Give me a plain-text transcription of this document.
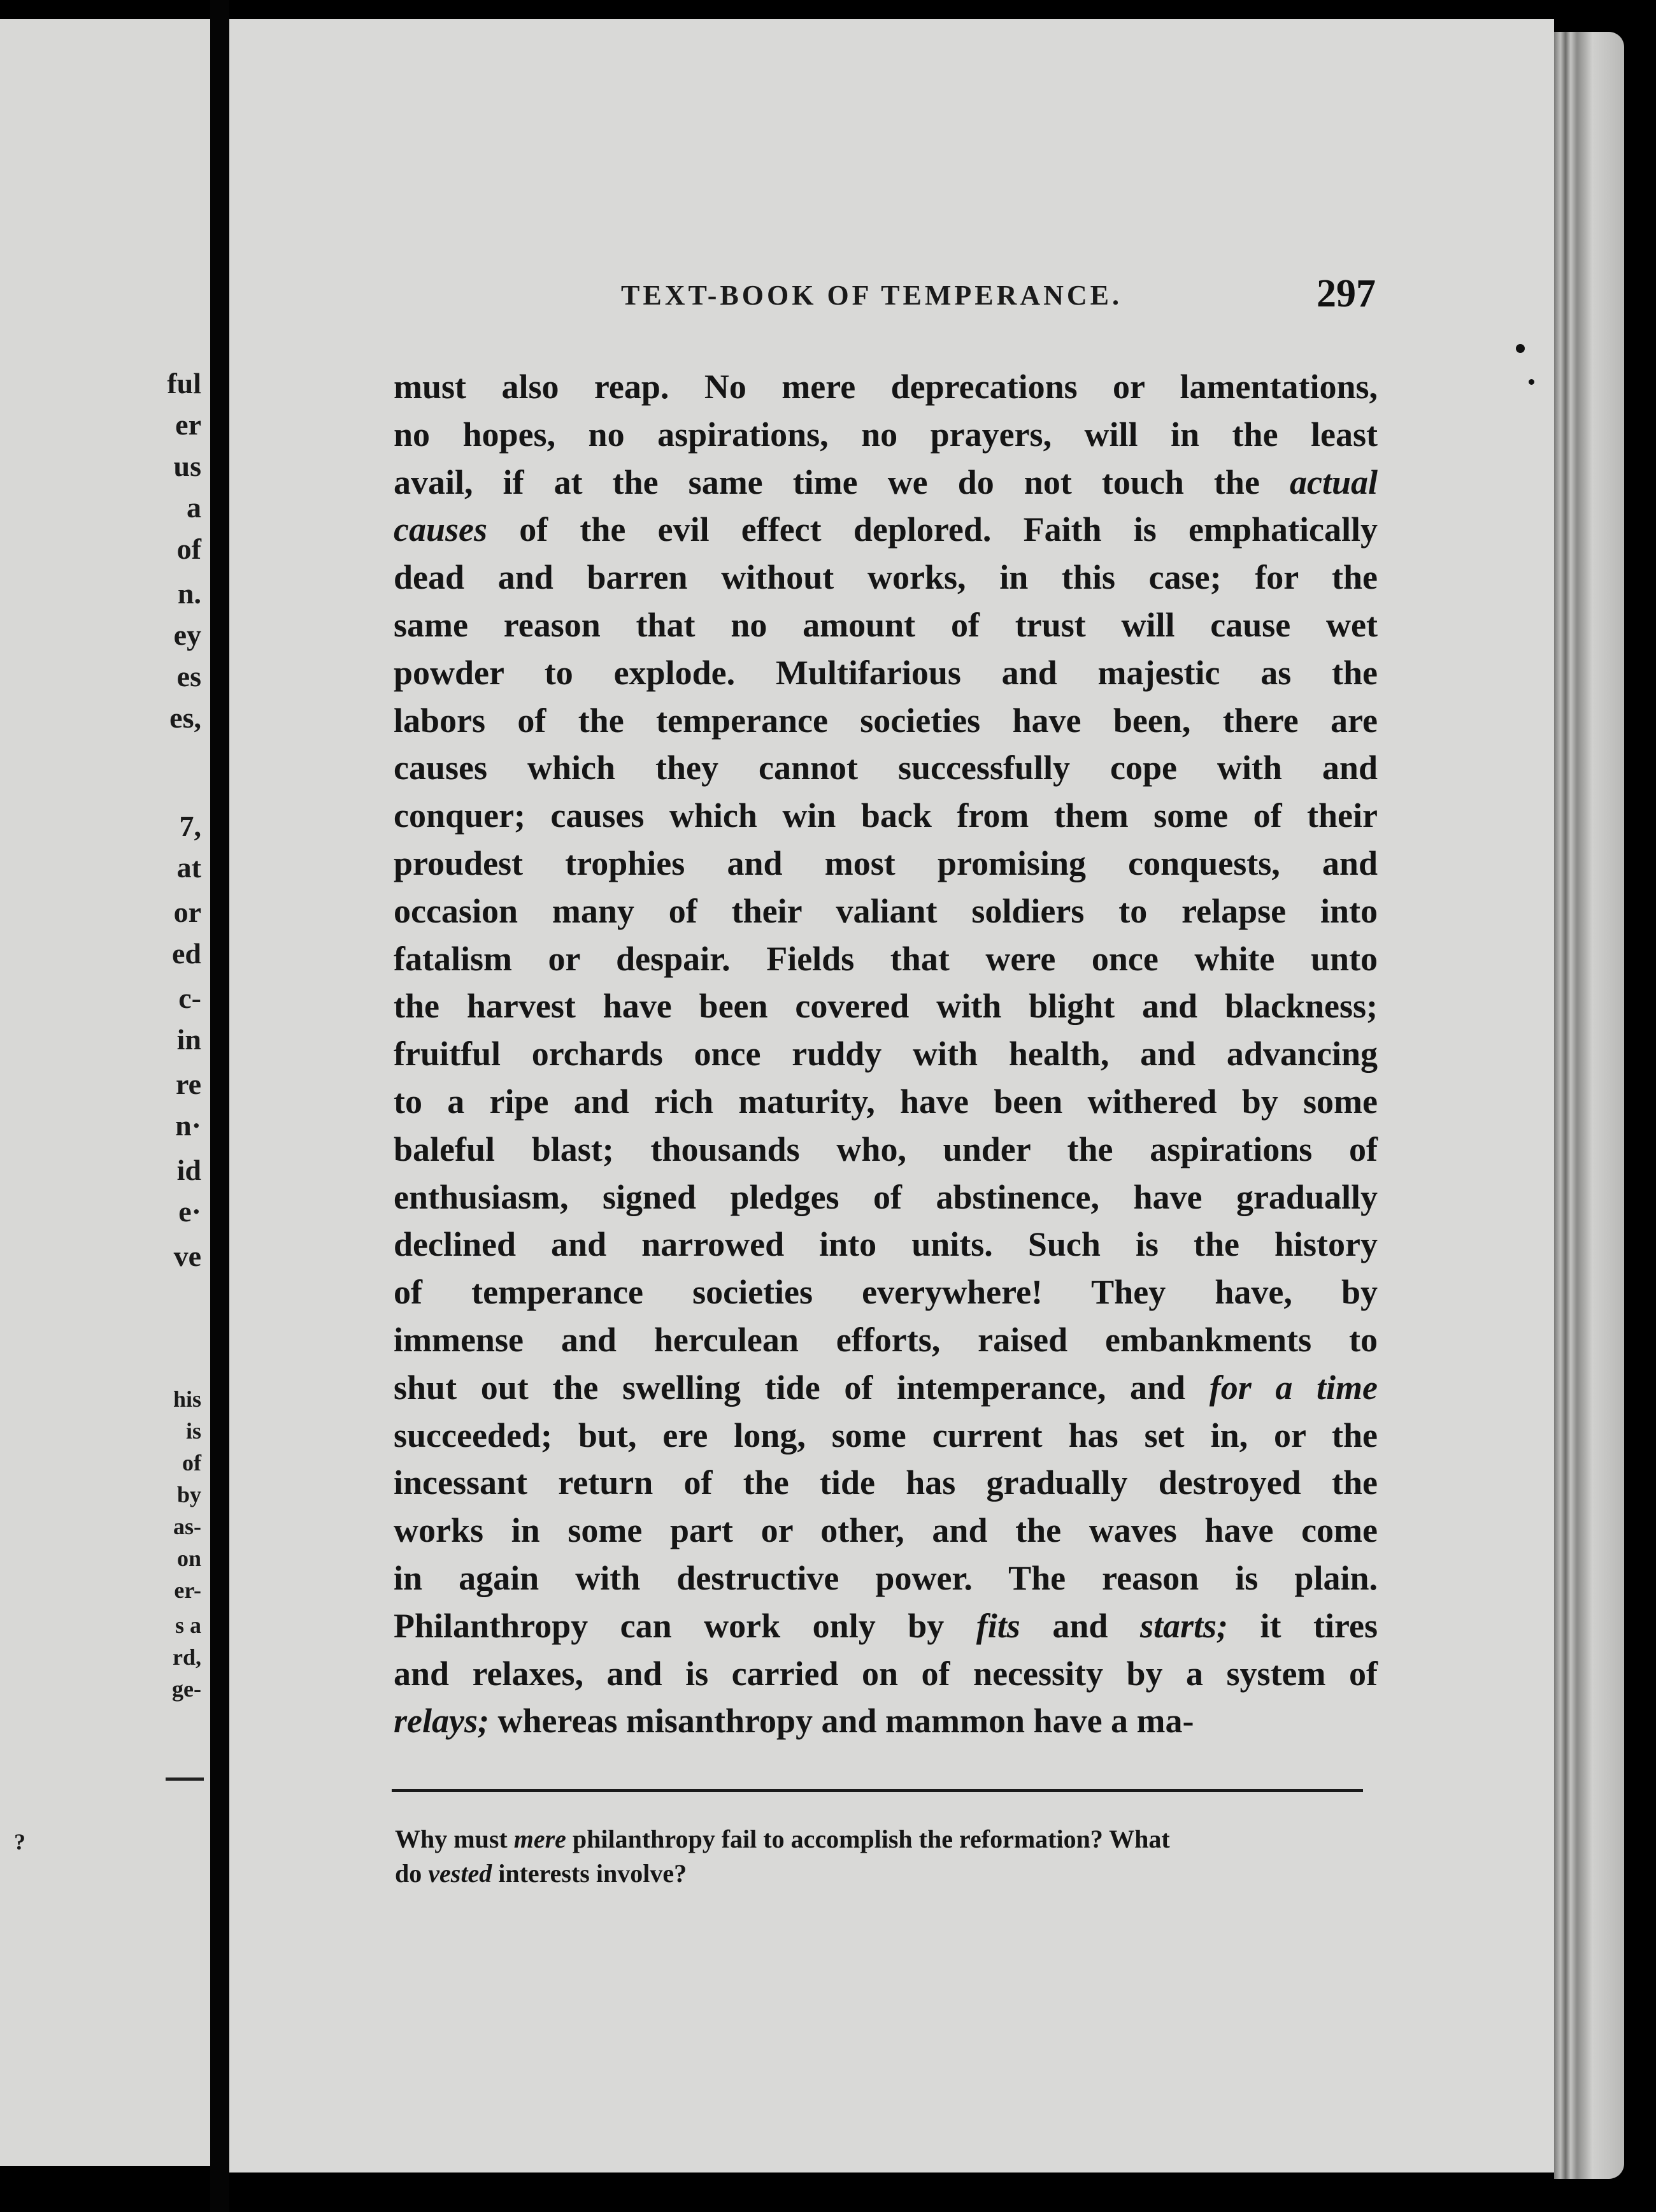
ful
er
us
a
of
n.
ey
es
es,
7,
at
or
ed
c-
in
re
n·
id
e·
ve
his
is
of
by
as-
on
er-
s a
rd,
ge-
?
TEXT-BOOK OF TEMPERANCE.	297
must also reap. No mere deprecations or lamentations,
no hopes, no aspirations, no prayers, will in the least
avail, if at the same time we do not touch the actual
causes of the evil effect deplored. Faith is emphatically
dead and barren without works, in this case; for the
same reason that no amount of trust will cause wet
powder to explode. Multifarious and majestic as the
labors of the temperance societies have been, there are
causes which they cannot successfully cope with and
conquer; causes which win back from them some of their
proudest trophies and most promising conquests, and
occasion many of their valiant soldiers to relapse into
fatalism or despair. Fields that were once white unto
the harvest have been covered with blight and blackness;
fruitful orchards once ruddy with health, and advancing
to a ripe and rich maturity, have been withered by some
baleful blast; thousands who, under the aspirations of
enthusiasm, signed pledges of abstinence, have gradually
declined and narrowed into units. Such is the history
of temperance societies everywhere! They have, by
immense and herculean efforts, raised embankments to
shut out the swelling tide of intemperance, and for a time
succeeded; but, ere long, some current has set in, or the
incessant return of the tide has gradually destroyed the
works in some part or other, and the waves have come
in again with destructive power. The reason is plain.
Philanthropy can work only by fits and starts; it tires
and relaxes, and is carried on of necessity by a system of
relays; whereas misanthropy and mammon have a ma-
Why must mere philanthropy fail to accomplish the reformation? What
do vested interests involve?
